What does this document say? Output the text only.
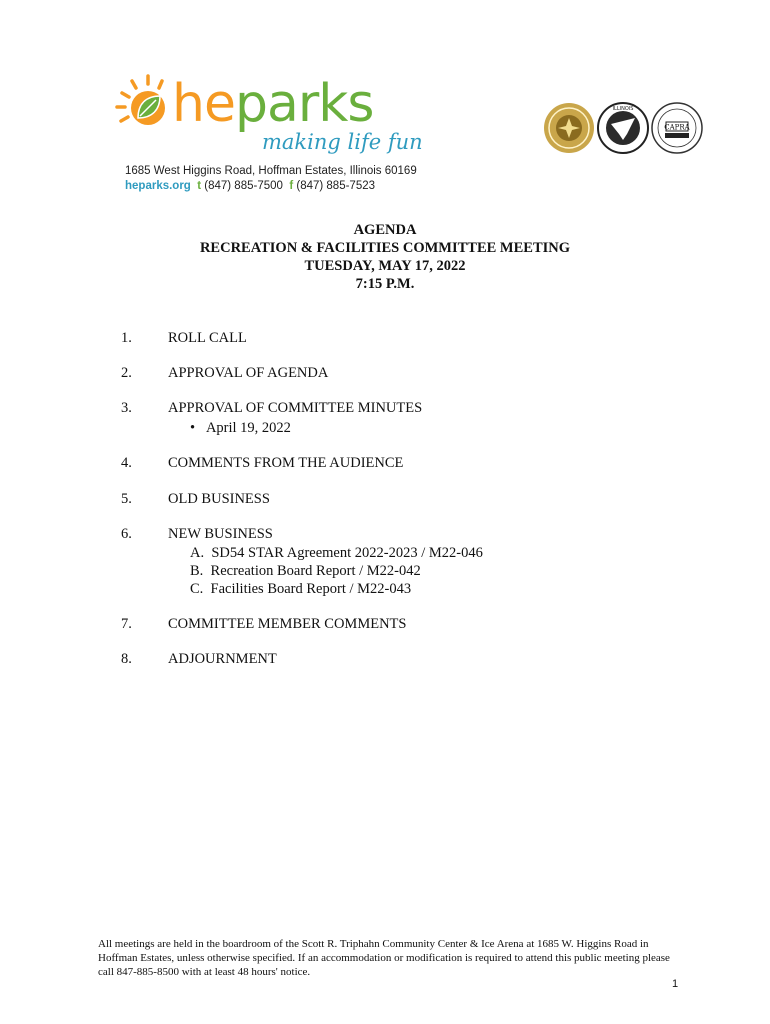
heparks
making life fun
1685 West Higgins Road, Hoffman Estates, Illinois 60169
heparks.org t (847) 885-7500 f (847) 885-7523
ILLINOIS
CAPRA
AGENDA
RECREATION & FACILITIES COMMITTEE MEETING
TUESDAY, MAY 17, 2022
7:15 P.M.
1. ROLL CALL
2. APPROVAL OF AGENDA
3. APPROVAL OF COMMITTEE MINUTES
•   April 19, 2022
4. COMMENTS FROM THE AUDIENCE
5. OLD BUSINESS
6. NEW BUSINESS
A.  SD54 STAR Agreement 2022-2023 / M22-046
B.  Recreation Board Report / M22-042
C.  Facilities Board Report / M22-043
7. COMMITTEE MEMBER COMMENTS
8. ADJOURNMENT
All meetings are held in the boardroom of the Scott R. Triphahn Community Center & Ice Arena at 1685 W. Higgins Road in Hoffman Estates, unless otherwise specified. If an accommodation or modification is required to attend this public meeting please call 847-885-8500 with at least 48 hours' notice.
1
